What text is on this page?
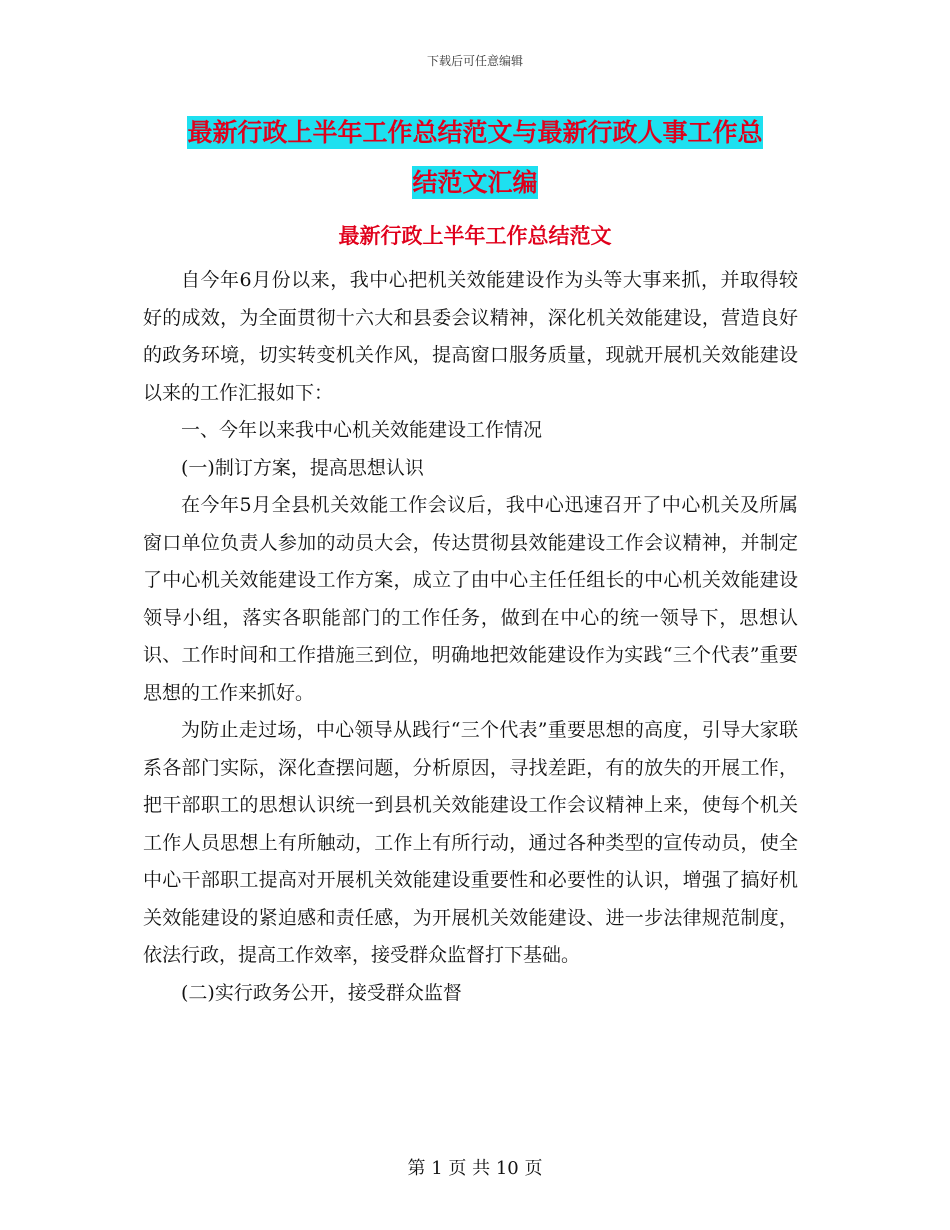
下载后可任意编辑
最新行政上半年工作总结范文与最新行政人事工作总
结范文汇编
最新行政上半年工作总结范文

自今年6月份以来，我中心把机关效能建设作为头等大事来抓，并取得较好的成效，为全面贯彻十六大和县委会议精神，深化机关效能建设，营造良好的政务环境，切实转变机关作风，提高窗口服务质量，现就开展机关效能建设以来的工作汇报如下：

一、今年以来我中心机关效能建设工作情况

(一)制订方案，提高思想认识

在今年5月全县机关效能工作会议后，我中心迅速召开了中心机关及所属窗口单位负责人参加的动员大会，传达贯彻县效能建设工作会议精神，并制定了中心机关效能建设工作方案，成立了由中心主任任组长的中心机关效能建设领导小组，落实各职能部门的工作任务，做到在中心的统一领导下，思想认识、工作时间和工作措施三到位，明确地把效能建设作为实践“三个代表”重要思想的工作来抓好。

为防止走过场，中心领导从践行“三个代表”重要思想的高度，引导大家联系各部门实际，深化查摆问题，分析原因，寻找差距，有的放失的开展工作，把干部职工的思想认识统一到县机关效能建设工作会议精神上来，使每个机关工作人员思想上有所触动，工作上有所行动，通过各种类型的宣传动员，使全中心干部职工提高对开展机关效能建设重要性和必要性的认识，增强了搞好机关效能建设的紧迫感和责任感，为开展机关效能建设、进一步法律规范制度，依法行政，提高工作效率，接受群众监督打下基础。

(二)实行政务公开，接受群众监督

第 1 页 共 10 页
